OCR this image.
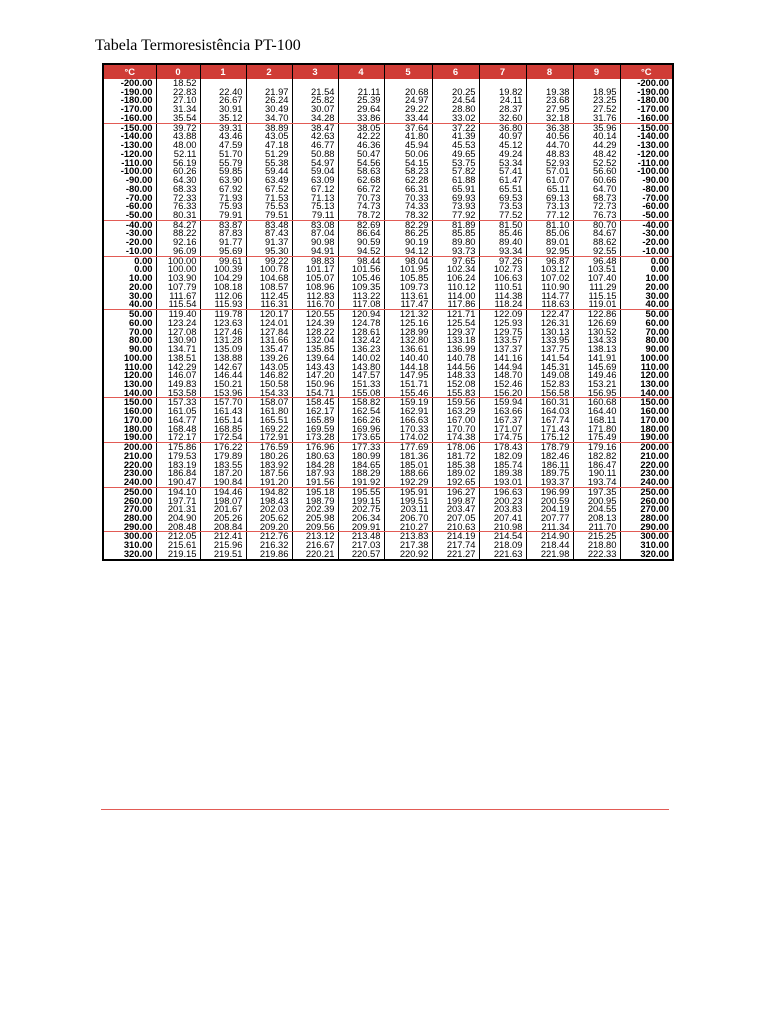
Tabela Termoresistência PT-100
°C	0	1	2	3	4	5	6	7	8	9	°C
-200.00	18.52										-200.00
-190.00	22.83	22.40	21.97	21.54	21.11	20.68	20.25	19.82	19.38	18.95	-190.00
-180.00	27.10	26.67	26.24	25.82	25.39	24.97	24.54	24.11	23.68	23.25	-180.00
-170.00	31.34	30.91	30.49	30.07	29.64	29.22	28.80	28.37	27.95	27.52	-170.00
-160.00	35.54	35.12	34.70	34.28	33.86	33.44	33.02	32.60	32.18	31.76	-160.00
-150.00	39.72	39.31	38.89	38.47	38.05	37.64	37.22	36.80	36.38	35.96	-150.00
-140.00	43.88	43.46	43.05	42.63	42.22	41.80	41.39	40.97	40.56	40.14	-140.00
-130.00	48.00	47.59	47.18	46.77	46.36	45.94	45.53	45.12	44.70	44.29	-130.00
-120.00	52.11	51.70	51.29	50.88	50.47	50.06	49.65	49.24	48.83	48.42	-120.00
-110.00	56.19	55.79	55.38	54.97	54.56	54.15	53.75	53.34	52.93	52.52	-110.00
-100.00	60.26	59.85	59.44	59.04	58.63	58.23	57.82	57.41	57.01	56.60	-100.00
-90.00	64.30	63.90	63.49	63.09	62.68	62.28	61.88	61.47	61.07	60.66	-90.00
-80.00	68.33	67.92	67.52	67.12	66.72	66.31	65.91	65.51	65.11	64.70	-80.00
-70.00	72.33	71.93	71.53	71.13	70.73	70.33	69.93	69.53	69.13	68.73	-70.00
-60.00	76.33	75.93	75.53	75.13	74.73	74.33	73.93	73.53	73.13	72.73	-60.00
-50.00	80.31	79.91	79.51	79.11	78.72	78.32	77.92	77.52	77.12	76.73	-50.00
-40.00	84.27	83.87	83.48	83.08	82.69	82.29	81.89	81.50	81.10	80.70	-40.00
-30.00	88.22	87.83	87.43	87.04	86.64	86.25	85.85	85.46	85.06	84.67	-30.00
-20.00	92.16	91.77	91.37	90.98	90.59	90.19	89.80	89.40	89.01	88.62	-20.00
-10.00	96.09	95.69	95.30	94.91	94.52	94.12	93.73	93.34	92.95	92.55	-10.00
0.00	100.00	99.61	99.22	98.83	98.44	98.04	97.65	97.26	96.87	96.48	0.00
0.00	100.00	100.39	100.78	101.17	101.56	101.95	102.34	102.73	103.12	103.51	0.00
10.00	103.90	104.29	104.68	105.07	105.46	105.85	106.24	106.63	107.02	107.40	10.00
20.00	107.79	108.18	108.57	108.96	109.35	109.73	110.12	110.51	110.90	111.29	20.00
30.00	111.67	112.06	112.45	112.83	113.22	113.61	114.00	114.38	114.77	115.15	30.00
40.00	115.54	115.93	116.31	116.70	117.08	117.47	117.86	118.24	118.63	119.01	40.00
50.00	119.40	119.78	120.17	120.55	120.94	121.32	121.71	122.09	122.47	122.86	50.00
60.00	123.24	123.63	124.01	124.39	124.78	125.16	125.54	125.93	126.31	126.69	60.00
70.00	127.08	127.46	127.84	128.22	128.61	128.99	129.37	129.75	130.13	130.52	70.00
80.00	130.90	131.28	131.66	132.04	132.42	132.80	133.18	133.57	133.95	134.33	80.00
90.00	134.71	135.09	135.47	135.85	136.23	136.61	136.99	137.37	137.75	138.13	90.00
100.00	138.51	138.88	139.26	139.64	140.02	140.40	140.78	141.16	141.54	141.91	100.00
110.00	142.29	142.67	143.05	143.43	143.80	144.18	144.56	144.94	145.31	145.69	110.00
120.00	146.07	146.44	146.82	147.20	147.57	147.95	148.33	148.70	149.08	149.46	120.00
130.00	149.83	150.21	150.58	150.96	151.33	151.71	152.08	152.46	152.83	153.21	130.00
140.00	153.58	153.96	154.33	154.71	155.08	155.46	155.83	156.20	156.58	156.95	140.00
150.00	157.33	157.70	158.07	158.45	158.82	159.19	159.56	159.94	160.31	160.68	150.00
160.00	161.05	161.43	161.80	162.17	162.54	162.91	163.29	163.66	164.03	164.40	160.00
170.00	164.77	165.14	165.51	165.89	166.26	166.63	167.00	167.37	167.74	168.11	170.00
180.00	168.48	168.85	169.22	169.59	169.96	170.33	170.70	171.07	171.43	171.80	180.00
190.00	172.17	172.54	172.91	173.28	173.65	174.02	174.38	174.75	175.12	175.49	190.00
200.00	175.86	176.22	176.59	176.96	177.33	177.69	178.06	178.43	178.79	179.16	200.00
210.00	179.53	179.89	180.26	180.63	180.99	181.36	181.72	182.09	182.46	182.82	210.00
220.00	183.19	183.55	183.92	184.28	184.65	185.01	185.38	185.74	186.11	186.47	220.00
230.00	186.84	187.20	187.56	187.93	188.29	188.66	189.02	189.38	189.75	190.11	230.00
240.00	190.47	190.84	191.20	191.56	191.92	192.29	192.65	193.01	193.37	193.74	240.00
250.00	194.10	194.46	194.82	195.18	195.55	195.91	196.27	196.63	196.99	197.35	250.00
260.00	197.71	198.07	198.43	198.79	199.15	199.51	199.87	200.23	200.59	200.95	260.00
270.00	201.31	201.67	202.03	202.39	202.75	203.11	203.47	203.83	204.19	204.55	270.00
280.00	204.90	205.26	205.62	205.98	206.34	206.70	207.05	207.41	207.77	208.13	280.00
290.00	208.48	208.84	209.20	209.56	209.91	210.27	210.63	210.98	211.34	211.70	290.00
300.00	212.05	212.41	212.76	213.12	213.48	213.83	214.19	214.54	214.90	215.25	300.00
310.00	215.61	215.96	216.32	216.67	217.03	217.38	217.74	218.09	218.44	218.80	310.00
320.00	219.15	219.51	219.86	220.21	220.57	220.92	221.27	221.63	221.98	222.33	320.00
